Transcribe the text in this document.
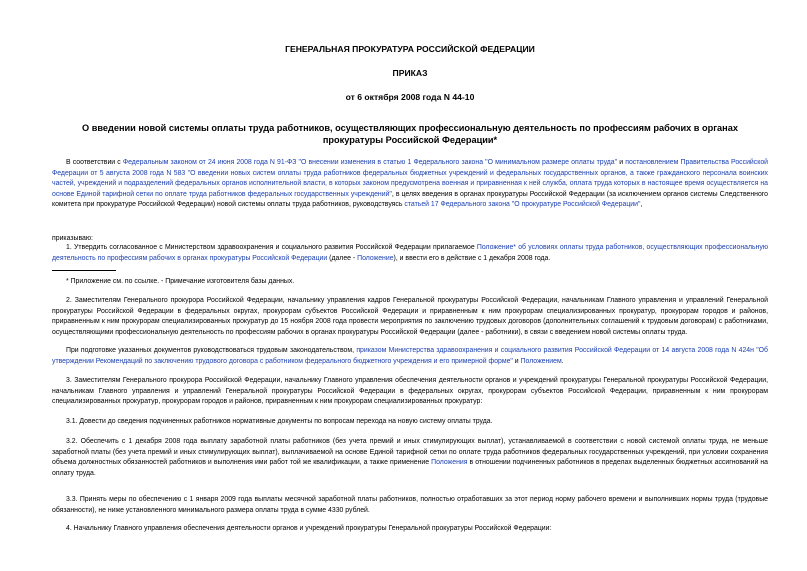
ГЕНЕРАЛЬНАЯ ПРОКУРАТУРА РОССИЙСКОЙ ФЕДЕРАЦИИ
ПРИКАЗ
от 6 октября 2008 года N 44-10
О введении новой системы оплаты труда работников, осуществляющих профессиональную деятельность по профессиям рабочих в органах прокуратуры Российской Федерации*
В соответствии с Федеральным законом от 24 июня 2008 года N 91-ФЗ "О внесении изменения в статью 1 Федерального закона "О минимальном размере оплаты труда" и постановлением Правительства Российской Федерации от 5 августа 2008 года N 583 "О введении новых систем оплаты труда работников федеральных бюджетных учреждений и федеральных государственных органов, а также гражданского персонала воинских частей, учреждений и подразделений федеральных органов исполнительной власти, в которых законом предусмотрена военная и приравненная к ней служба, оплата труда которых в настоящее время осуществляется на основе Единой тарифной сетки по оплате труда работников федеральных государственных учреждений", в целях введения в органах прокуратуры Российской Федерации (за исключением органов системы Следственного комитета при прокуратуре Российской Федерации) новой системы оплаты труда работников, руководствуясь статьей 17 Федерального закона "О прокуратуре Российской Федерации",
приказываю:
1. Утвердить согласованное с Министерством здравоохранения и социального развития Российской Федерации прилагаемое Положение* об условиях оплаты труда работников, осуществляющих профессиональную деятельность по профессиям рабочих в органах прокуратуры Российской Федерации (далее - Положение), и ввести его в действие с 1 декабря 2008 года.
* Приложение см. по ссылке. - Примечание изготовителя базы данных.
2. Заместителям Генерального прокурора Российской Федерации, начальнику управления кадров Генеральной прокуратуры Российской Федерации, начальникам Главного управления и управлений Генеральной прокуратуры Российской Федерации в федеральных округах, прокурорам субъектов Российской Федерации и приравненным к ним прокурорам специализированных прокуратур, прокурорам городов и районов, приравненным к ним прокурорам специализированных прокуратур до 15 ноября 2008 года провести мероприятия по заключению трудовых договоров (дополнительных соглашений к трудовым договорам) с работниками, осуществляющими профессиональную деятельность по профессиям рабочих в органах прокуратуры Российской Федерации (далее - работники), в связи с введением новой системы оплаты труда.
При подготовке указанных документов руководствоваться трудовым законодательством, приказом Министерства здравоохранения и социального развития Российской Федерации от 14 августа 2008 года N 424н "Об утверждении Рекомендаций по заключению трудового договора с работником федерального бюджетного учреждения и его примерной форме" и Положением.
3. Заместителям Генерального прокурора Российской Федерации, начальнику Главного управления обеспечения деятельности органов и учреждений прокуратуры Генеральной прокуратуры Российской Федерации, начальникам Главного управления и управлений Генеральной прокуратуры Российской Федерации в федеральных округах, прокурорам субъектов Российской Федерации, приравненным к ним прокурорам специализированных прокуратур, прокурорам городов и районов, приравненным к ним прокурорам специализированных прокуратур:
3.1. Довести до сведения подчиненных работников нормативные документы по вопросам перехода на новую систему оплаты труда.
3.2. Обеспечить с 1 декабря 2008 года выплату заработной платы работников (без учета премий и иных стимулирующих выплат), устанавливаемой в соответствии с новой системой оплаты труда, не меньше заработной платы (без учета премий и иных стимулирующих выплат), выплачиваемой на основе Единой тарифной сетки по оплате труда работников федеральных государственных учреждений, при условии сохранения объема должностных обязанностей работников и выполнения ими работ той же квалификации, а также применение Положения в отношении подчиненных работников в пределах выделенных бюджетных ассигнований на оплату труда.
3.3. Принять меры по обеспечению с 1 января 2009 года выплаты месячной заработной платы работников, полностью отработавших за этот период норму рабочего времени и выполнивших нормы труда (трудовые обязанности), не ниже установленного минимального размера оплаты труда в сумме 4330 рублей.
4. Начальнику Главного управления обеспечения деятельности органов и учреждений прокуратуры Генеральной прокуратуры Российской Федерации:
